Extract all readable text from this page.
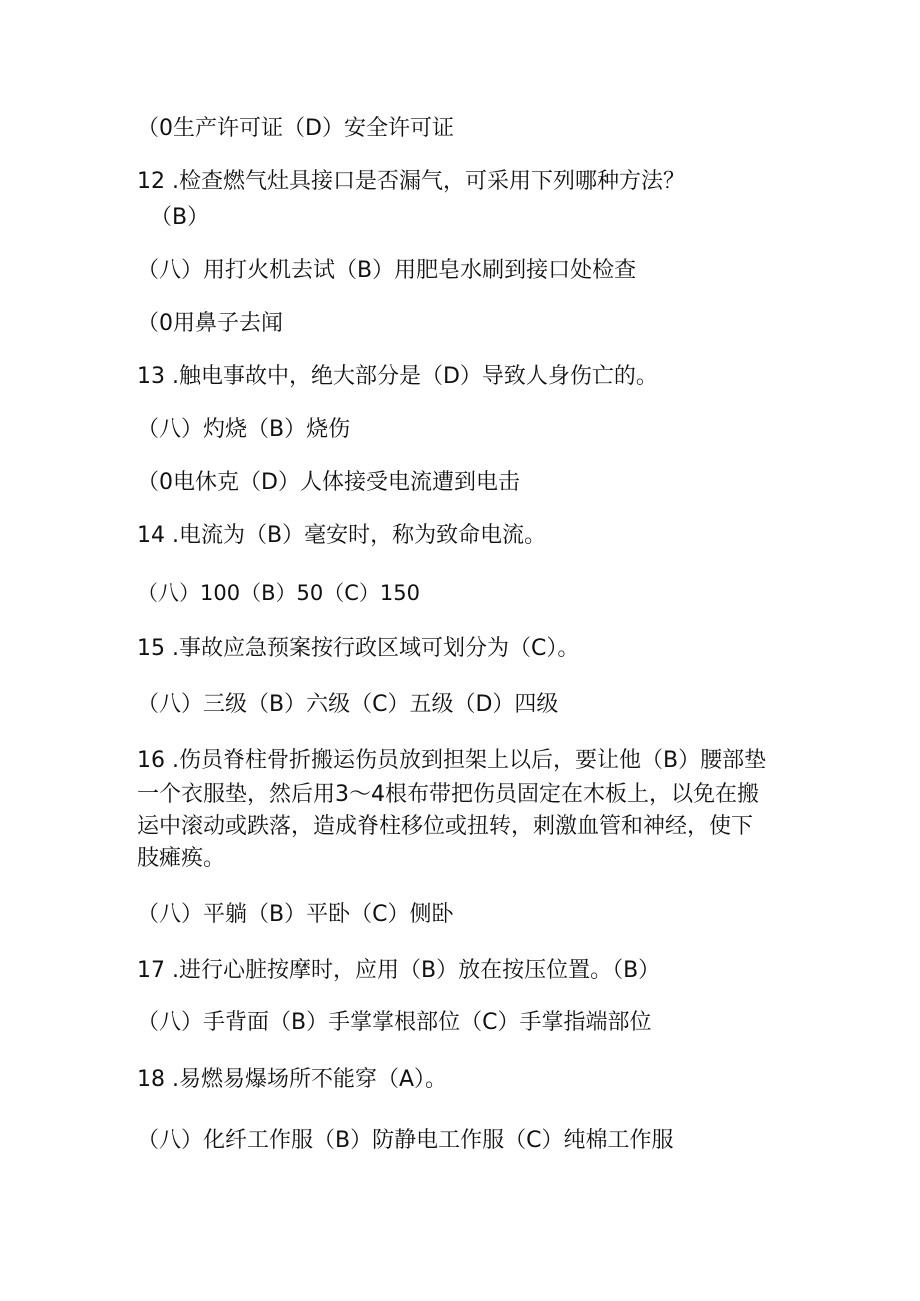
（0生产许可证（D）安全许可证
12 .检查燃气灶具接口是否漏气，可采用下列哪种方法？
（B）
（八）用打火机去试（B）用肥皂水刷到接口处检查
（0用鼻子去闻
13 .触电事故中，绝大部分是（D）导致人身伤亡的。
（八）灼烧（B）烧伤
（0电休克（D）人体接受电流遭到电击
14 .电流为（B）毫安时，称为致命电流。
（八）100（B）50（C）150
15 .事故应急预案按行政区域可划分为（C）。
（八）三级（B）六级（C）五级（D）四级
16 .伤员脊柱骨折搬运伤员放到担架上以后，要让他（B）腰部垫
一个衣服垫，然后用3〜4根布带把伤员固定在木板上，以免在搬
运中滚动或跌落，造成脊柱移位或扭转，刺激血管和神经，使下
肢瘫痪。
（八）平躺（B）平卧（C）侧卧
17 .进行心脏按摩时，应用（B）放在按压位置。（B）
（八）手背面（B）手掌掌根部位（C）手掌指端部位
18 .易燃易爆场所不能穿（A）。
（八）化纤工作服（B）防静电工作服（C）纯棉工作服
